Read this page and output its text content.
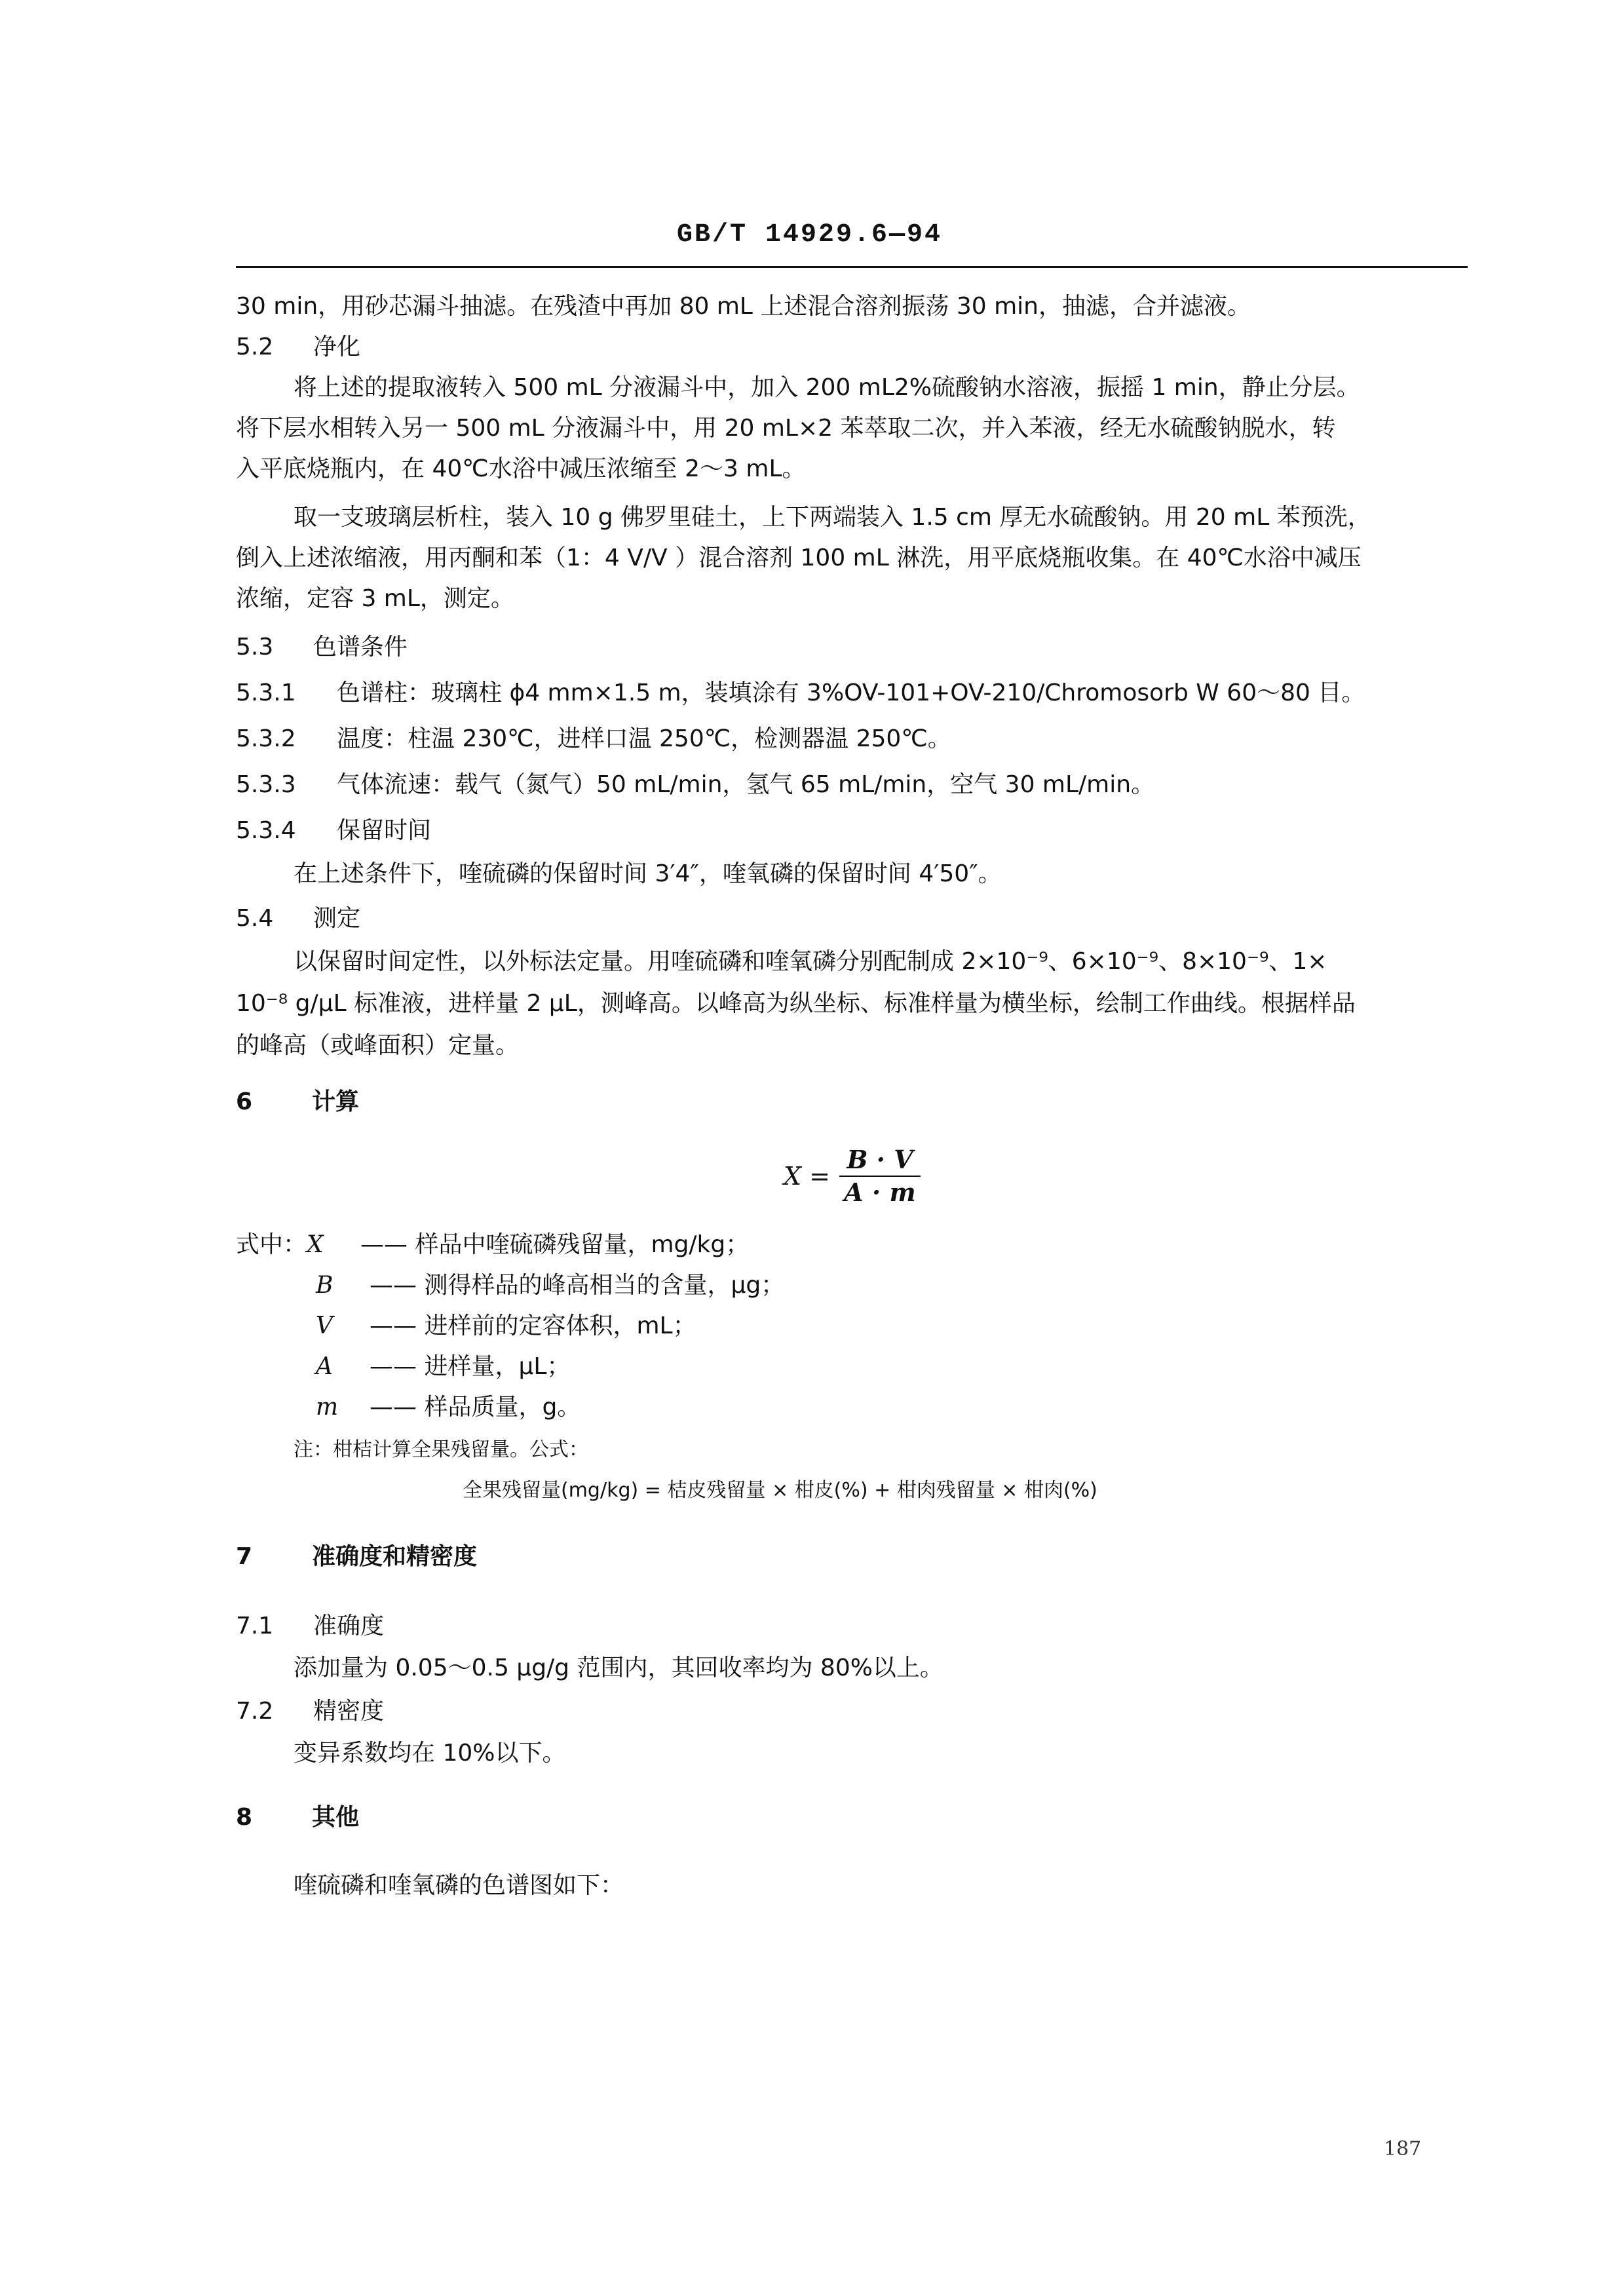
GB/T 14929.6—94
30 min，用砂芯漏斗抽滤。在残渣中再加 80 mL 上述混合溶剂振荡 30 min，抽滤，合并滤液。
5.2 净化
将上述的提取液转入 500 mL 分液漏斗中，加入 200 mL2%硫酸钠水溶液，振摇 1 min，静止分层。
将下层水相转入另一 500 mL 分液漏斗中，用 20 mL×2 苯萃取二次，并入苯液，经无水硫酸钠脱水，转
入平底烧瓶内，在 40℃水浴中减压浓缩至 2～3 mL。
取一支玻璃层析柱，装入 10 g 佛罗里硅土，上下两端装入 1.5 cm 厚无水硫酸钠。用 20 mL 苯预洗，
倒入上述浓缩液，用丙酮和苯（1：4 V/V ）混合溶剂 100 mL 淋洗，用平底烧瓶收集。在 40℃水浴中减压
浓缩，定容 3 mL，测定。
5.3 色谱条件
5.3.1 色谱柱：玻璃柱 ϕ4 mm×1.5 m，装填涂有 3%OV-101+OV-210/Chromosorb W 60～80 目。
5.3.2 温度：柱温 230℃，进样口温 250℃，检测器温 250℃。
5.3.3 气体流速：载气（氮气）50 mL/min，氢气 65 mL/min，空气 30 mL/min。
5.3.4 保留时间
在上述条件下，喹硫磷的保留时间 3′4″，喹氧磷的保留时间 4′50″。
5.4 测定
以保留时间定性，以外标法定量。用喹硫磷和喹氧磷分别配制成 2×10⁻⁹、6×10⁻⁹、8×10⁻⁹、1×
10⁻⁸ g/μL 标准液，进样量 2 μL，测峰高。以峰高为纵坐标、标准样量为横坐标，绘制工作曲线。根据样品
的峰高（或峰面积）定量。
6	计算
X =
B · V
A · m
式中：X —— 样品中喹硫磷残留量，mg/kg；
B —— 测得样品的峰高相当的含量，μg；
V —— 进样前的定容体积，mL；
A —— 进样量，μL；
m —— 样品质量，g。
注：柑桔计算全果残留量。公式：
全果残留量(mg/kg) = 桔皮残留量 × 柑皮(%) + 柑肉残留量 × 柑肉(%)
7	准确度和精密度
7.1 准确度
添加量为 0.05～0.5 μg/g 范围内，其回收率均为 80%以上。
7.2 精密度
变异系数均在 10%以下。
8	其他
喹硫磷和喹氧磷的色谱图如下：
187
